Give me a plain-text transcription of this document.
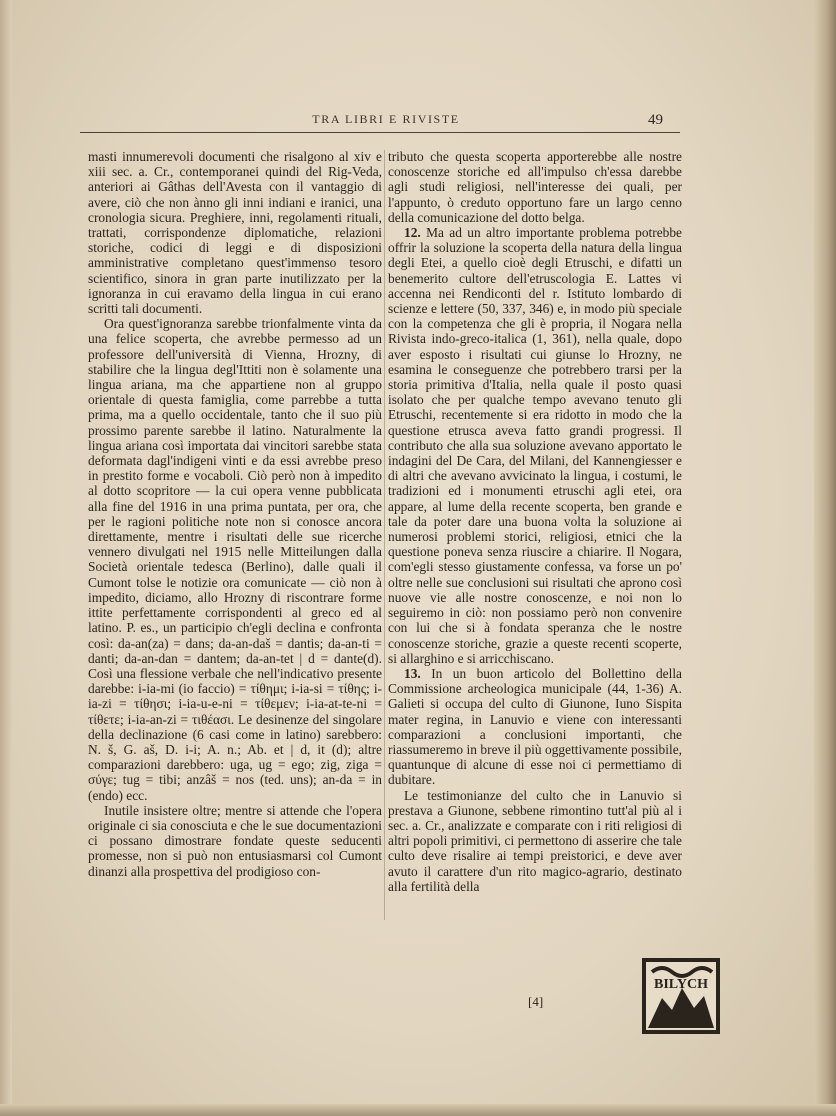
TRA LIBRI E RIVISTE	49

masti innumerevoli documenti che risalgono al xiv e xiii sec. a. Cr., contemporanei quindi del Rig-Veda, anteriori ai Gâthas dell'Avesta con il vantaggio di avere, ciò che non ànno gli inni indiani e iranici, una cronologia sicura. Preghiere, inni, regolamenti rituali, trattati, corrispondenze diplomatiche, relazioni storiche, codici di leggi e di disposizioni amministrative completano quest'immenso tesoro scientifico, sinora in gran parte inutilizzato per la ignoranza in cui eravamo della lingua in cui erano scritti tali documenti.

Ora quest'ignoranza sarebbe trionfalmente vinta da una felice scoperta, che avrebbe permesso ad un professore dell'università di Vienna, Hrozny, di stabilire che la lingua degl'Ittiti non è solamente una lingua ariana, ma che appartiene non al gruppo orientale di questa famiglia, come parrebbe a tutta prima, ma a quello occidentale, tanto che il suo più prossimo parente sarebbe il latino. Naturalmente la lingua ariana così importata dai vincitori sarebbe stata deformata dagl'indigeni vinti e da essi avrebbe preso in prestito forme e vocaboli. Ciò però non à impedito al dotto scopritore — la cui opera venne pubblicata alla fine del 1916 in una prima puntata, per ora, che per le ragioni politiche note non si conosce ancora direttamente, mentre i risultati delle sue ricerche vennero divulgati nel 1915 nelle Mitteilungen dalla Società orientale tedesca (Berlino), dalle quali il Cumont tolse le notizie ora comunicate — ciò non à impedito, diciamo, allo Hrozny di riscontrare forme ittite perfettamente corrispondenti al greco ed al latino. P. es., un participio ch'egli declina e confronta così: da-an(za) = dans; da-an-daš = dantis; da-an-ti = danti; da-an-dan = dantem; da-an-tet | d = dante(d). Così una flessione verbale che nell'indicativo presente darebbe: i-ia-mi (io faccio) = τίθημι; i-ia-si = τίθης; i-ia-zi = τίθησι; i-ia-u-e-ni = τίθεμεν; i-ia-at-te-ni = τίθετε; i-ia-an-zi = τιθέασι. Le desinenze del singolare della declinazione (6 casi come in latino) sarebbero: N. š, G. aš, D. i-i; A. n.; Ab. et | d, it (d); altre comparazioni darebbero: uga, ug = ego; zig, ziga = σύγε; tug = tibi; anzâš = nos (ted. uns); an-da = in (endo) ecc.

Inutile insistere oltre; mentre si attende che l'opera originale ci sia conosciuta e che le sue documentazioni ci possano dimostrare fondate queste seducenti promesse, non si può non entusiasmarsi col Cumont dinanzi alla prospettiva del prodigioso con-

tributo che questa scoperta apporterebbe alle nostre conoscenze storiche ed all'impulso ch'essa darebbe agli studi religiosi, nell'interesse dei quali, per l'appunto, ò creduto opportuno fare un largo cenno della comunicazione del dotto belga.

12. Ma ad un altro importante problema potrebbe offrir la soluzione la scoperta della natura della lingua degli Etei, a quello cioè degli Etruschi, e difatti un benemerito cultore dell'etruscologia E. Lattes vi accenna nei Rendiconti del r. Istituto lombardo di scienze e lettere (50, 337, 346) e, in modo più speciale con la competenza che gli è propria, il Nogara nella Rivista indo-greco-italica (1, 361), nella quale, dopo aver esposto i risultati cui giunse lo Hrozny, ne esamina le conseguenze che potrebbero trarsi per la storia primitiva d'Italia, nella quale il posto quasi isolato che per qualche tempo avevano tenuto gli Etruschi, recentemente si era ridotto in modo che la questione etrusca aveva fatto grandi progressi. Il contributo che alla sua soluzione avevano apportato le indagini del De Cara, del Milani, del Kannengiesser e di altri che avevano avvicinato la lingua, i costumi, le tradizioni ed i monumenti etruschi agli etei, ora appare, al lume della recente scoperta, ben grande e tale da poter dare una buona volta la soluzione ai numerosi problemi storici, religiosi, etnici che la questione poneva senza riuscire a chiarire. Il Nogara, com'egli stesso giustamente confessa, va forse un po' oltre nelle sue conclusioni sui risultati che aprono così nuove vie alle nostre conoscenze, e noi non lo seguiremo in ciò: non possiamo però non convenire con lui che si à fondata speranza che le nostre conoscenze storiche, grazie a queste recenti scoperte, si allarghino e si arricchiscano.

13. In un buon articolo del Bollettino della Commissione archeologica municipale (44, 1-36) A. Galieti si occupa del culto di Giunone, Iuno Sispita mater regina, in Lanuvio e viene con interessanti comparazioni a conclusioni importanti, che riassumeremo in breve il più oggettivamente possibile, quantunque di alcune di esse noi ci permettiamo di dubitare.

Le testimonianze del culto che in Lanuvio si prestava a Giunone, sebbene rimontino tutt'al più al i sec. a. Cr., analizzate e comparate con i riti religiosi di altri popoli primitivi, ci permettono di asserire che tale culto deve risalire ai tempi preistorici, e deve aver avuto il carattere d'un rito magico-agrario, destinato alla fertilità della

[4]
BILYCH
